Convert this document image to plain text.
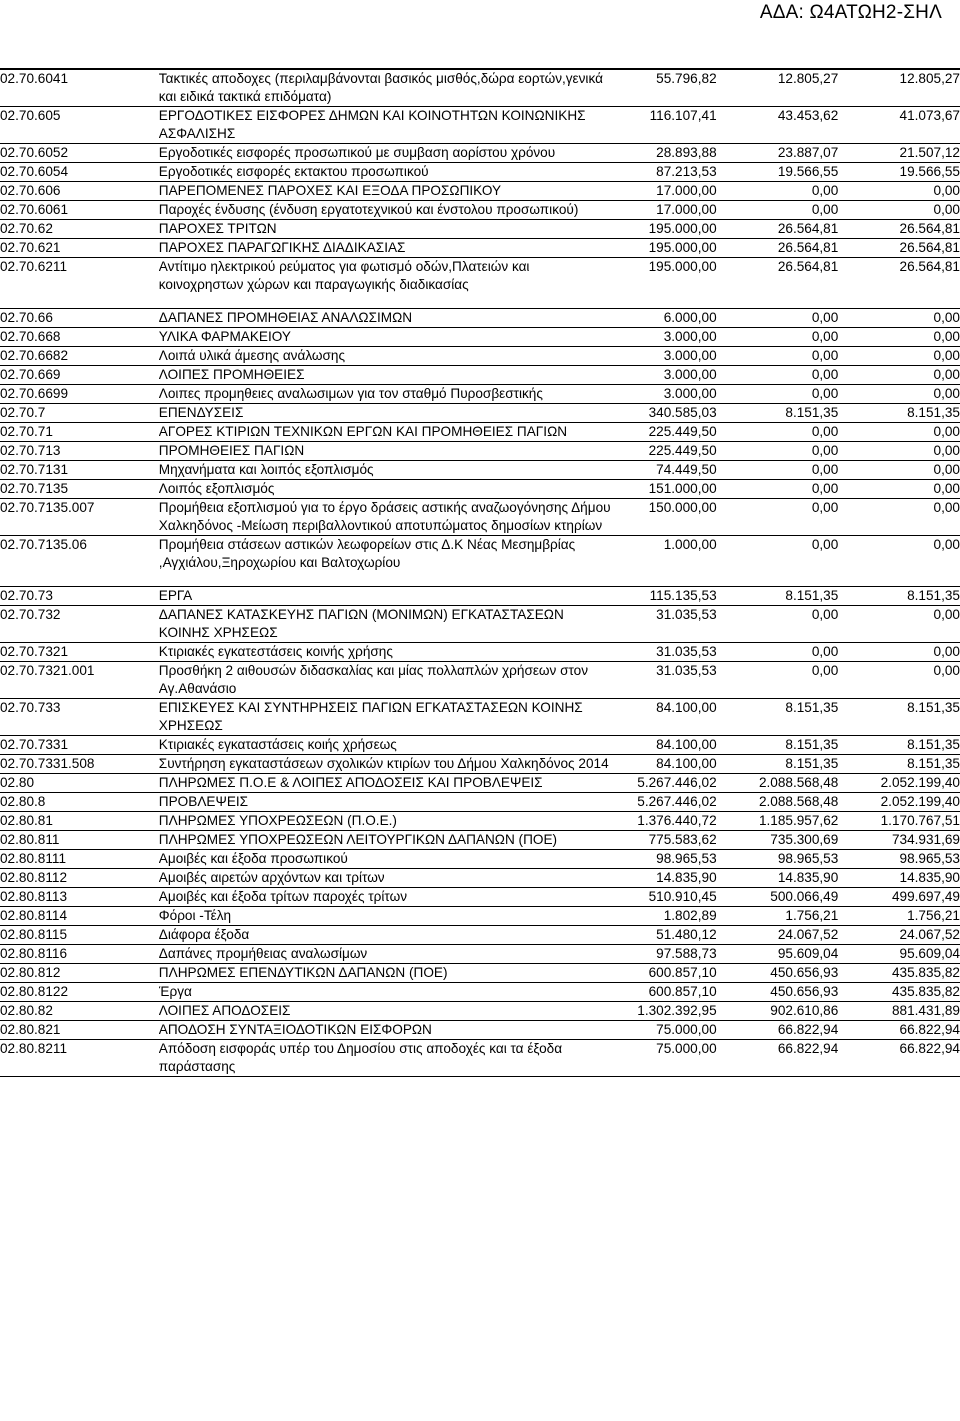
ΑΔΑ: Ω4ΑΤΩΗ2-ΣΗΛ
02.70.6041	Τακτικές αποδοχες (περιλαμβάνονται βασικός μισθός,δώρα εορτών,γενικά και ειδικά τακτικά επιδόματα)	55.796,82	12.805,27	12.805,27
02.70.605	ΕΡΓΟΔΟΤΙΚΕΣ ΕΙΣΦΟΡΕΣ ΔΗΜΩΝ ΚΑΙ ΚΟΙΝΟΤΗΤΩΝ ΚΟΙΝΩΝΙΚΗΣ ΑΣΦΑΛΙΣΗΣ	116.107,41	43.453,62	41.073,67
02.70.6052	Εργοδοτικές εισφορές προσωπικού με συμβαση αορίστου χρόνου	28.893,88	23.887,07	21.507,12
02.70.6054	Εργοδοτικές εισφορές εκτακτου προσωπικού	87.213,53	19.566,55	19.566,55
02.70.606	ΠΑΡΕΠΟΜΕΝΕΣ ΠΑΡΟΧΕΣ ΚΑΙ ΕΞΟΔΑ ΠΡΟΣΩΠΙΚΟΥ	17.000,00	0,00	0,00
02.70.6061	Παροχές ένδυσης (ένδυση εργατοτεχνικού και ένστολου προσωπικού)	17.000,00	0,00	0,00
02.70.62	ΠΑΡΟΧΕΣ ΤΡΙΤΩΝ	195.000,00	26.564,81	26.564,81
02.70.621	ΠΑΡΟΧΕΣ ΠΑΡΑΓΩΓΙΚΗΣ ΔΙΑΔΙΚΑΣΙΑΣ	195.000,00	26.564,81	26.564,81
02.70.6211	Αντίτιμο ηλεκτρικού ρεύματος για φωτισμό οδών,Πλατειών και κοινοχρηστων χώρων και παραγωγικής διαδικασίας	195.000,00	26.564,81	26.564,81
02.70.66	ΔΑΠΑΝΕΣ ΠΡΟΜΗΘΕΙΑΣ ΑΝΑΛΩΣΙΜΩΝ	6.000,00	0,00	0,00
02.70.668	ΥΛΙΚΑ ΦΑΡΜΑΚΕΙΟΥ	3.000,00	0,00	0,00
02.70.6682	Λοιπά υλικά άμεσης ανάλωσης	3.000,00	0,00	0,00
02.70.669	ΛΟΙΠΕΣ ΠΡΟΜΗΘΕΙΕΣ	3.000,00	0,00	0,00
02.70.6699	Λοιπες προμηθειες αναλωσιμων για τον σταθμό Πυροσβεστικής	3.000,00	0,00	0,00
02.70.7	ΕΠΕΝΔΥΣΕΙΣ	340.585,03	8.151,35	8.151,35
02.70.71	ΑΓΟΡΕΣ ΚΤΙΡΙΩΝ ΤΕΧΝΙΚΩΝ ΕΡΓΩΝ ΚΑΙ ΠΡΟΜΗΘΕΙΕΣ ΠΑΓΙΩΝ	225.449,50	0,00	0,00
02.70.713	ΠΡΟΜΗΘΕΙΕΣ ΠΑΓΙΩΝ	225.449,50	0,00	0,00
02.70.7131	Μηχανήματα και λοιπός εξοπλισμός	74.449,50	0,00	0,00
02.70.7135	Λοιπός εξοπλισμός	151.000,00	0,00	0,00
02.70.7135.007	Προμήθεια εξοπλισμού για το έργο δράσεις αστικής αναζωογόνησης Δήμου Χαλκηδόνος -Μείωση περιβαλλοντικού αποτυπώματος δημοσίων κτηρίων	150.000,00	0,00	0,00
02.70.7135.06	Προμήθεια στάσεων αστικών λεωφορείων στις Δ.Κ Νέας Μεσημβρίας ,Αγχιάλου,Ξηροχωρίου και Βαλτοχωρίου	1.000,00	0,00	0,00
02.70.73	ΕΡΓΑ	115.135,53	8.151,35	8.151,35
02.70.732	ΔΑΠΑΝΕΣ ΚΑΤΑΣΚΕΥΗΣ ΠΑΓΙΩΝ (ΜΟΝΙΜΩΝ) ΕΓΚΑΤΑΣΤΑΣΕΩΝ ΚΟΙΝΗΣ ΧΡΗΣΕΩΣ	31.035,53	0,00	0,00
02.70.7321	Κτιριακές εγκατεστάσεις κοινής χρήσης	31.035,53	0,00	0,00
02.70.7321.001	Προσθήκη 2 αιθουσών διδασκαλίας και μίας πολλαπλών χρήσεων στον Αγ.Αθανάσιο	31.035,53	0,00	0,00
02.70.733	ΕΠΙΣΚΕΥΕΣ ΚΑΙ ΣΥΝΤΗΡΗΣΕΙΣ ΠΑΓΙΩΝ ΕΓΚΑΤΑΣΤΑΣΕΩΝ ΚΟΙΝΗΣ ΧΡΗΣΕΩΣ	84.100,00	8.151,35	8.151,35
02.70.7331	Κτιριακές εγκαταστάσεις κοιής χρήσεως	84.100,00	8.151,35	8.151,35
02.70.7331.508	Συντήρηση εγκαταστάσεων σχολικών κτιρίων του Δήμου Χαλκηδόνος 2014	84.100,00	8.151,35	8.151,35
02.80	ΠΛΗΡΩΜΕΣ Π.Ο.Ε & ΛΟΙΠΕΣ ΑΠΟΔΟΣΕΙΣ ΚΑΙ ΠΡΟΒΛΕΨΕΙΣ	5.267.446,02	2.088.568,48	2.052.199,40
02.80.8	ΠΡΟΒΛΕΨΕΙΣ	5.267.446,02	2.088.568,48	2.052.199,40
02.80.81	ΠΛΗΡΩΜΕΣ ΥΠΟΧΡΕΩΣΕΩΝ (Π.Ο.Ε.)	1.376.440,72	1.185.957,62	1.170.767,51
02.80.811	ΠΛΗΡΩΜΕΣ ΥΠΟΧΡΕΩΣΕΩΝ ΛΕΙΤΟΥΡΓΙΚΩΝ ΔΑΠΑΝΩΝ (ΠΟΕ)	775.583,62	735.300,69	734.931,69
02.80.8111	Αμοιβές και έξοδα προσωπικού	98.965,53	98.965,53	98.965,53
02.80.8112	Αμοιβές αιρετών αρχόντων και τρίτων	14.835,90	14.835,90	14.835,90
02.80.8113	Αμοιβές και έξοδα τρίτων παροχές τρίτων	510.910,45	500.066,49	499.697,49
02.80.8114	Φόροι -Τέλη	1.802,89	1.756,21	1.756,21
02.80.8115	Διάφορα έξοδα	51.480,12	24.067,52	24.067,52
02.80.8116	Δαπάνες προμήθειας αναλωσίμων	97.588,73	95.609,04	95.609,04
02.80.812	ΠΛΗΡΩΜΕΣ ΕΠΕΝΔΥΤΙΚΩΝ ΔΑΠΑΝΩΝ (ΠΟΕ)	600.857,10	450.656,93	435.835,82
02.80.8122	Έργα	600.857,10	450.656,93	435.835,82
02.80.82	ΛΟΙΠΕΣ ΑΠΟΔΟΣΕΙΣ	1.302.392,95	902.610,86	881.431,89
02.80.821	ΑΠΟΔΟΣΗ ΣΥΝΤΑΞΙΟΔΟΤΙΚΩΝ ΕΙΣΦΟΡΩΝ	75.000,00	66.822,94	66.822,94
02.80.8211	Απόδοση εισφοράς υπέρ του Δημοσίου στις αποδοχές και τα έξοδα παράστασης	75.000,00	66.822,94	66.822,94
